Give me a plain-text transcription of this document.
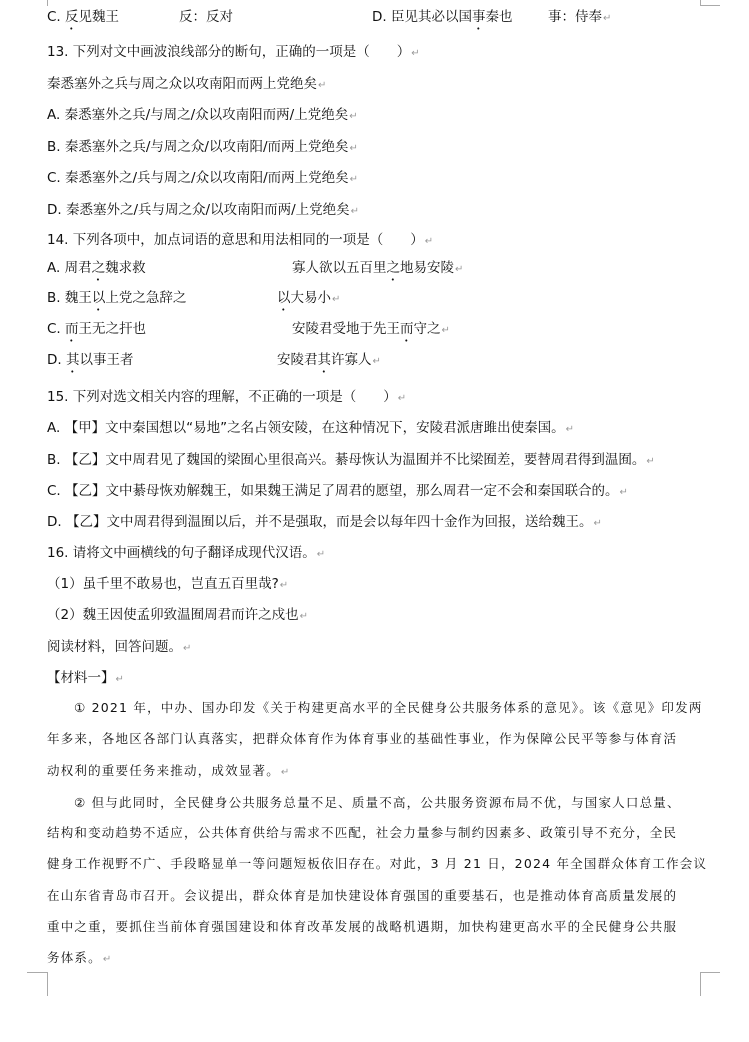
C. 反见魏王	反：反对	D. 臣见其必以国事秦也	事：侍奉↵
13. 下列对文中画波浪线部分的断句，正确的一项是（　　）↵
秦悉塞外之兵与周之众以攻南阳而两上党绝矣↵
A. 秦悉塞外之兵/与周之/众以攻南阳而两/上党绝矣↵
B. 秦悉塞外之兵/与周之众/以攻南阳/而两上党绝矣↵
C. 秦悉塞外之/兵与周之/众以攻南阳/而两上党绝矣↵
D. 秦悉塞外之/兵与周之众/以攻南阳而两/上党绝矣↵
14. 下列各项中，加点词语的意思和用法相同的一项是（　　）↵
A. 周君之魏求救	寡人欲以五百里之地易安陵↵
B. 魏王以上党之急辞之	以大易小↵
C. 而王无之扞也	安陵君受地于先王而守之↵
D. 其以事王者	安陵君其许寡人↵
15. 下列对选文相关内容的理解，不正确的一项是（　　）↵
A. 【甲】文中秦国想以“易地”之名占领安陵，在这种情况下，安陵君派唐雎出使秦国。↵
B. 【乙】文中周君见了魏国的梁囿心里很高兴。綦母恢认为温囿并不比梁囿差，要替周君得到温囿。↵
C. 【乙】文中綦母恢劝解魏王，如果魏王满足了周君的愿望，那么周君一定不会和秦国联合的。↵
D. 【乙】文中周君得到温囿以后，并不是强取，而是会以每年四十金作为回报，送给魏王。↵
16. 请将文中画横线的句子翻译成现代汉语。↵
（1）虽千里不敢易也，岂直五百里哉?↵
（2）魏王因使孟卯致温囿周君而许之戍也↵
阅读材料，回答问题。↵
【材料一】↵
① 2021 年，中办、国办印发《关于构建更高水平的全民健身公共服务体系的意见》。该《意见》印发两
年多来，各地区各部门认真落实，把群众体育作为体育事业的基础性事业，作为保障公民平等参与体育活
动权利的重要任务来推动，成效显著。↵
② 但与此同时，全民健身公共服务总量不足、质量不高，公共服务资源布局不优，与国家人口总量、
结构和变动趋势不适应，公共体育供给与需求不匹配，社会力量参与制约因素多、政策引导不充分，全民
健身工作视野不广、手段略显单一等问题短板依旧存在。对此，3 月 21 日，2024 年全国群众体育工作会议
在山东省青岛市召开。会议提出，群众体育是加快建设体育强国的重要基石，也是推动体育高质量发展的
重中之重，要抓住当前体育强国建设和体育改革发展的战略机遇期，加快构建更高水平的全民健身公共服
务体系。↵
